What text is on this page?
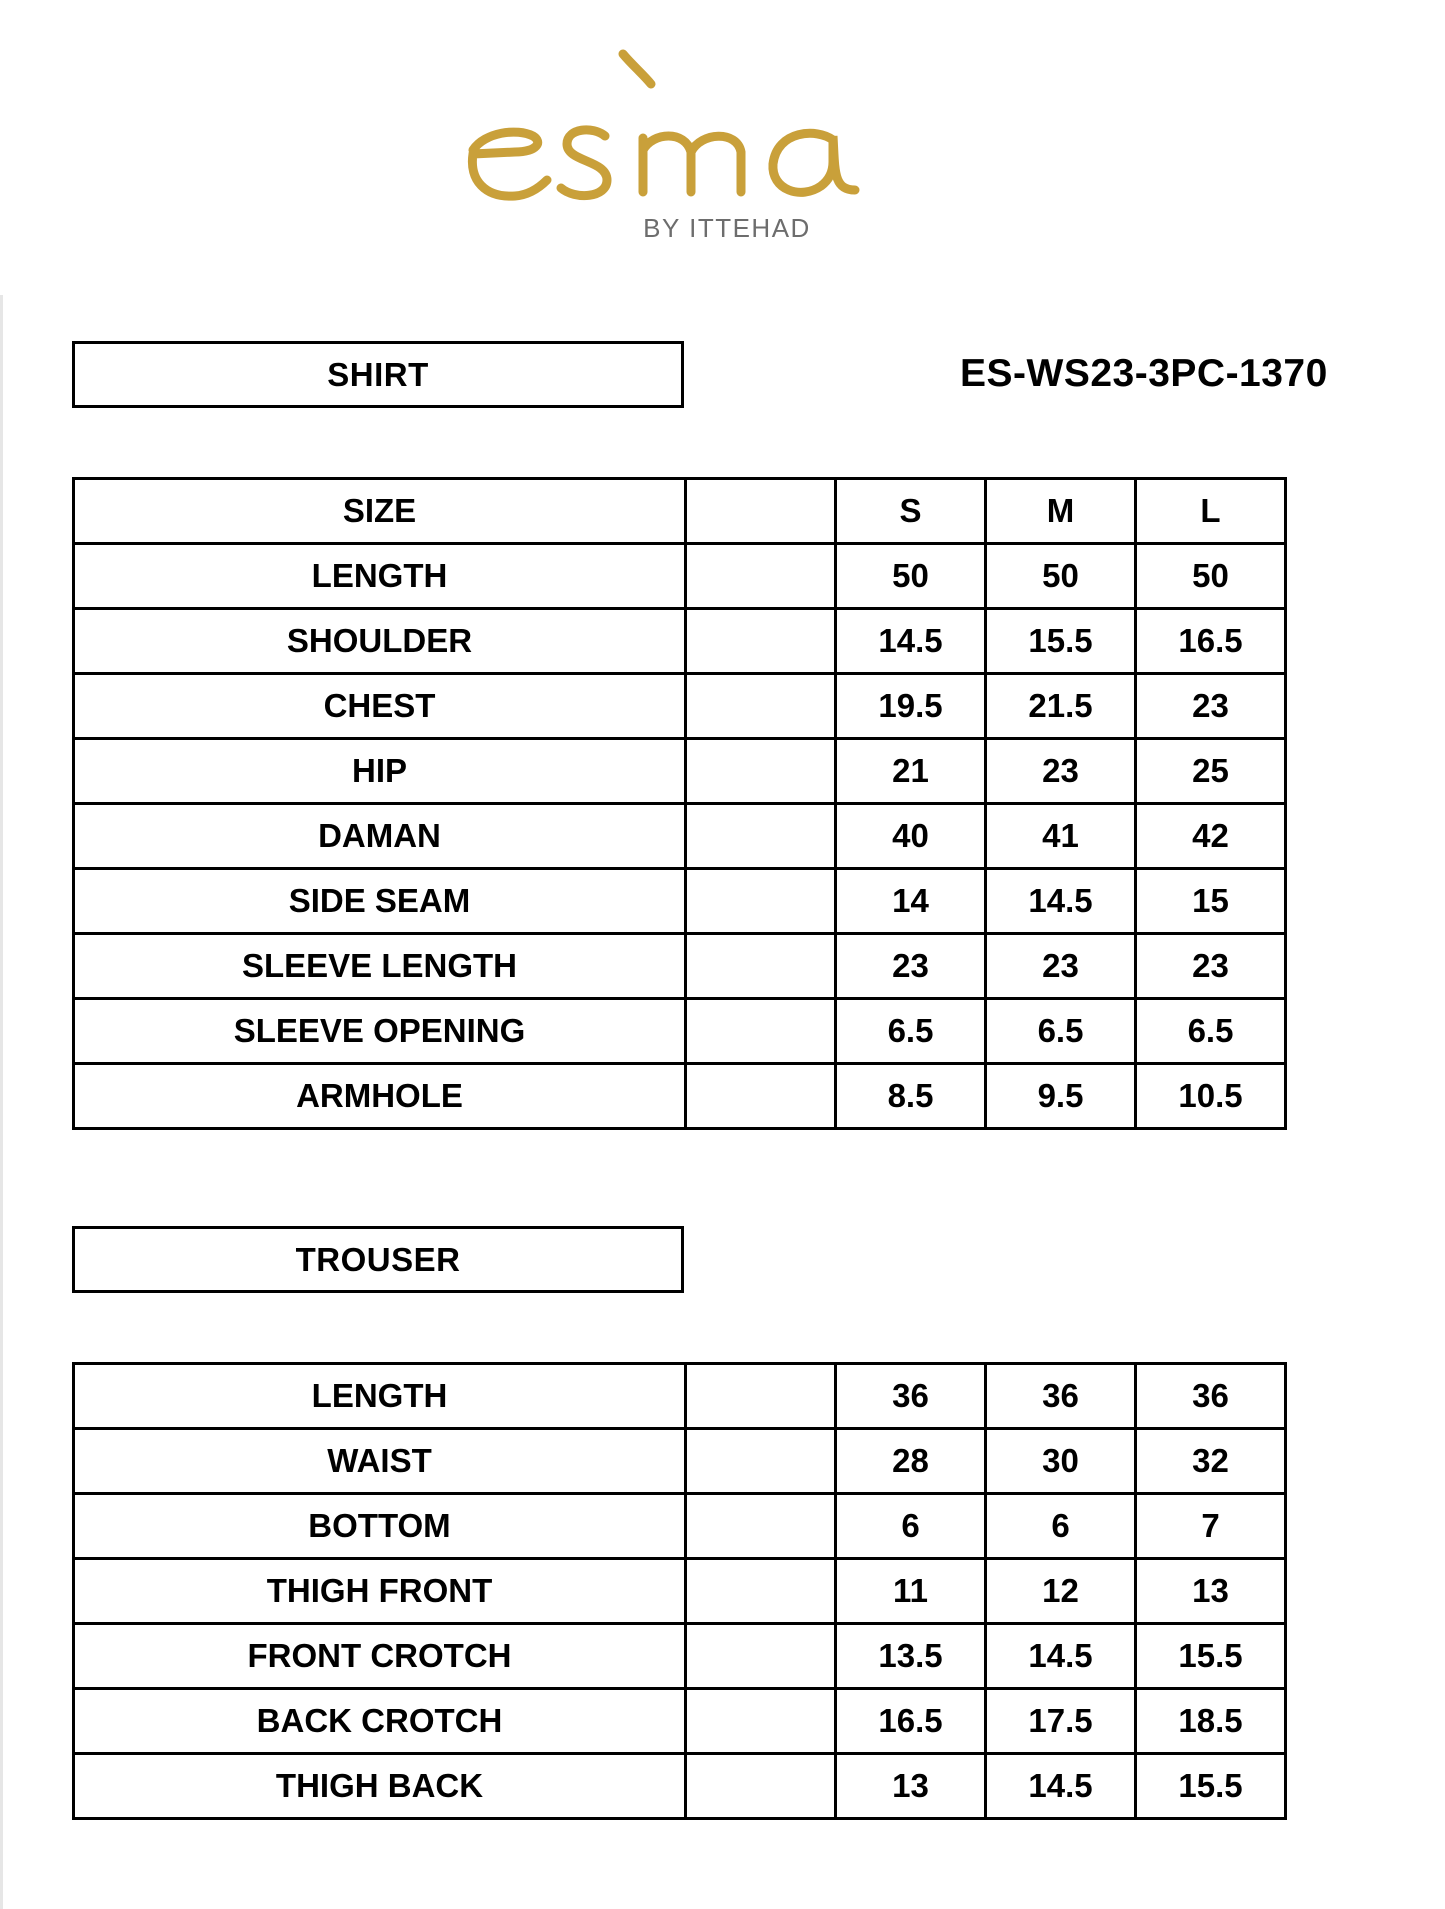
BY ITTEHAD
SHIRT	ES-WS23-3PC-1370
SIZE		S	M	L
LENGTH		50	50	50
SHOULDER		14.5	15.5	16.5
CHEST		19.5	21.5	23
HIP		21	23	25
DAMAN		40	41	42
SIDE SEAM		14	14.5	15
SLEEVE LENGTH		23	23	23
SLEEVE OPENING		6.5	6.5	6.5
ARMHOLE		8.5	9.5	10.5
TROUSER
LENGTH		36	36	36
WAIST		28	30	32
BOTTOM		6	6	7
THIGH FRONT		11	12	13
FRONT CROTCH		13.5	14.5	15.5
BACK CROTCH		16.5	17.5	18.5
THIGH BACK		13	14.5	15.5
